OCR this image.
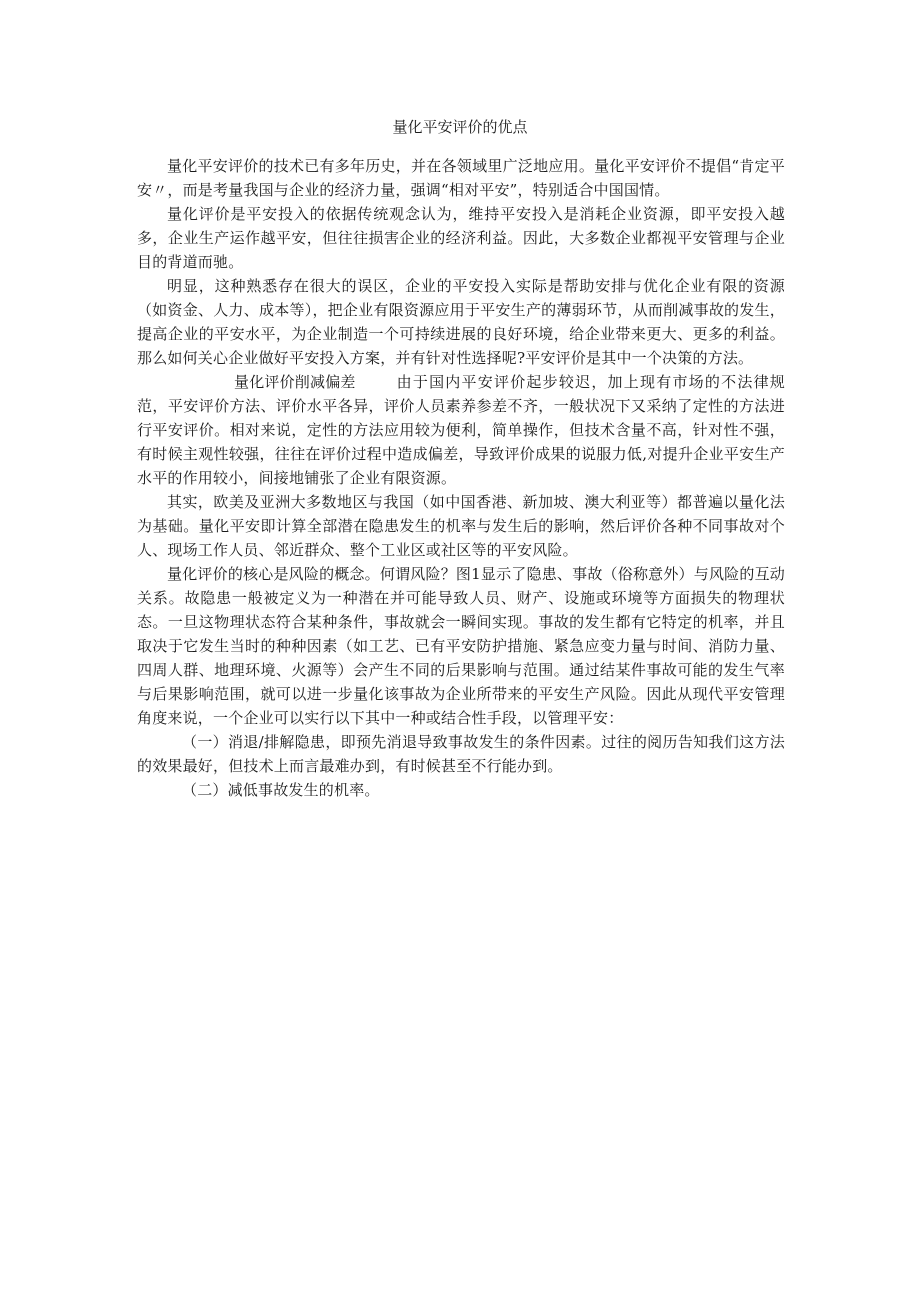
量化平安评价的优点

量化平安评价的技术已有多年历史，并在各领域里广泛地应用。量化平安评价不提倡“肯定平安〃，而是考量我国与企业的经济力量，强调“相对平安”，特别适合中国国情。

量化评价是平安投入的依据传统观念认为，维持平安投入是消耗企业资源，即平安投入越多，企业生产运作越平安，但往往损害企业的经济利益。因此，大多数企业都视平安管理与企业目的背道而驰。

明显，这种熟悉存在很大的误区，企业的平安投入实际是帮助安排与优化企业有限的资源（如资金、人力、成本等），把企业有限资源应用于平安生产的薄弱环节，从而削减事故的发生，提高企业的平安水平，为企业制造一个可持续进展的良好环境，给企业带来更大、更多的利益。那么如何关心企业做好平安投入方案，并有针对性选择呢?平安评价是其中一个决策的方法。

量化评价削减偏差	由于国内平安评价起步较迟，加上现有市场的不法律规范，平安评价方法、评价水平各异，评价人员素养参差不齐，一般状况下又采纳了定性的方法进行平安评价。相对来说，定性的方法应用较为便利，简单操作，但技术含量不高，针对性不强，有时候主观性较强，往往在评价过程中造成偏差，导致评价成果的说服力低,对提升企业平安生产水平的作用较小，间接地铺张了企业有限资源。

其实，欧美及亚洲大多数地区与我国（如中国香港、新加坡、澳大利亚等）都普遍以量化法为基础。量化平安即计算全部潜在隐患发生的机率与发生后的影响，然后评价各种不同事故对个人、现场工作人员、邻近群众、整个工业区或社区等的平安风险。

量化评价的核心是风险的概念。何谓风险？图1显示了隐患、事故（俗称意外）与风险的互动关系。故隐患一般被定义为一种潜在并可能导致人员、财产、设施或环境等方面损失的物理状态。一旦这物理状态符合某种条件，事故就会一瞬间实现。事故的发生都有它特定的机率，并且取决于它发生当时的种种因素（如工艺、已有平安防护措施、紧急应变力量与时间、消防力量、四周人群、地理环境、火源等）会产生不同的后果影响与范围。通过结某件事故可能的发生气率与后果影响范围，就可以进一步量化该事故为企业所带来的平安生产风险。因此从现代平安管理角度来说，一个企业可以实行以下其中一种或结合性手段，以管理平安：

（一）消退/排解隐患，即预先消退导致事故发生的条件因素。过往的阅历告知我们这方法的效果最好，但技术上而言最难办到，有时候甚至不行能办到。

（二）减低事故发生的机率。
